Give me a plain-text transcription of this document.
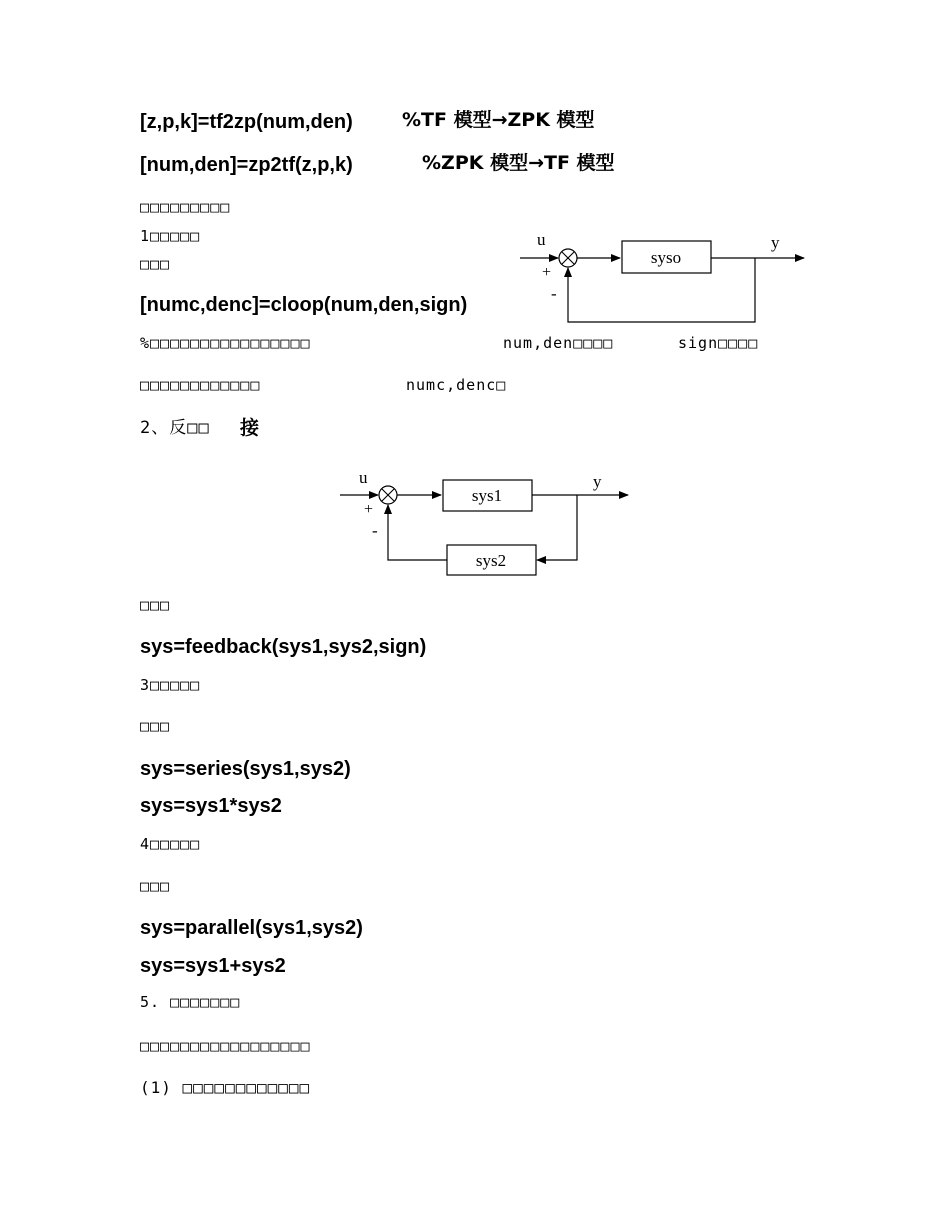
[z,p,k]=tf2zp(num,den)	%TF 模型→ZPK 模型
[num,den]=zp2tf(z,p,k)	%ZPK 模型→TF 模型
□□□□□□□□□
1□□□□□
□□□
u	y
syso
+
-
[numc,denc]=cloop(num,den,sign)
%□□□□□□□□□□□□□□□□	num,den□□□□	sign□□□□
□□□□□□□□□□□□	numc,denc□
2、反□□ 接
u	y
sys1
sys2
+
-
□□□
sys=feedback(sys1,sys2,sign)
3□□□□□
□□□
sys=series(sys1,sys2)
sys=sys1*sys2
4□□□□□
□□□
sys=parallel(sys1,sys2)
sys=sys1+sys2
5. □□□□□□□
□□□□□□□□□□□□□□□□□
(1) □□□□□□□□□□□□
